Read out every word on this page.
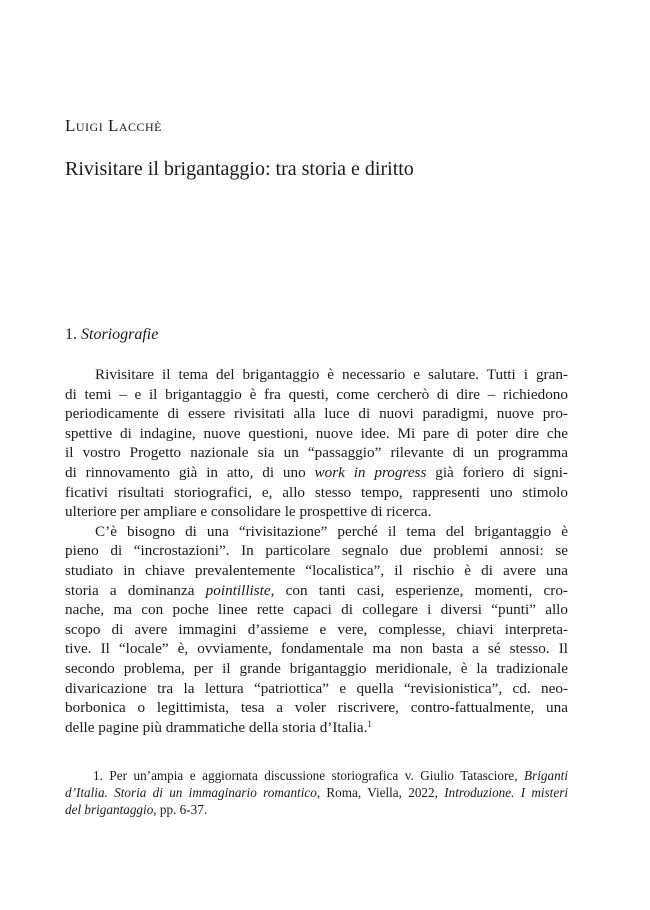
Luigi Lacchè
Rivisitare il brigantaggio: tra storia e diritto
1. Storiografie
Rivisitare il tema del brigantaggio è necessario e salutare. Tutti i gran-
di temi – e il brigantaggio è fra questi, come cercherò di dire – richiedono
periodicamente di essere rivisitati alla luce di nuovi paradigmi, nuove pro-
spettive di indagine, nuove questioni, nuove idee. Mi pare di poter dire che
il vostro Progetto nazionale sia un “passaggio” rilevante di un programma
di rinnovamento già in atto, di uno work in progress già foriero di signi-
ficativi risultati storiografici, e, allo stesso tempo, rappresenti uno stimolo
ulteriore per ampliare e consolidare le prospettive di ricerca.
C’è bisogno di una “rivisitazione” perché il tema del brigantaggio è
pieno di “incrostazioni”. In particolare segnalo due problemi annosi: se
studiato in chiave prevalentemente “localistica”, il rischio è di avere una
storia a dominanza pointilliste, con tanti casi, esperienze, momenti, cro-
nache, ma con poche linee rette capaci di collegare i diversi “punti” allo
scopo di avere immagini d’assieme e vere, complesse, chiavi interpreta-
tive. Il “locale” è, ovviamente, fondamentale ma non basta a sé stesso. Il
secondo problema, per il grande brigantaggio meridionale, è la tradizionale
divaricazione tra la lettura “patriottica” e quella “revisionistica”, cd. neo-
borbonica o legittimista, tesa a voler riscrivere, contro-fattualmente, una
delle pagine più drammatiche della storia d’Italia.$^1$
1. Per un’ampia e aggiornata discussione storiografica v. Giulio Tatasciore, Briganti
d’Italia. Storia di un immaginario romantico, Roma, Viella, 2022, Introduzione. I misteri
del brigantaggio, pp. 6-37.
